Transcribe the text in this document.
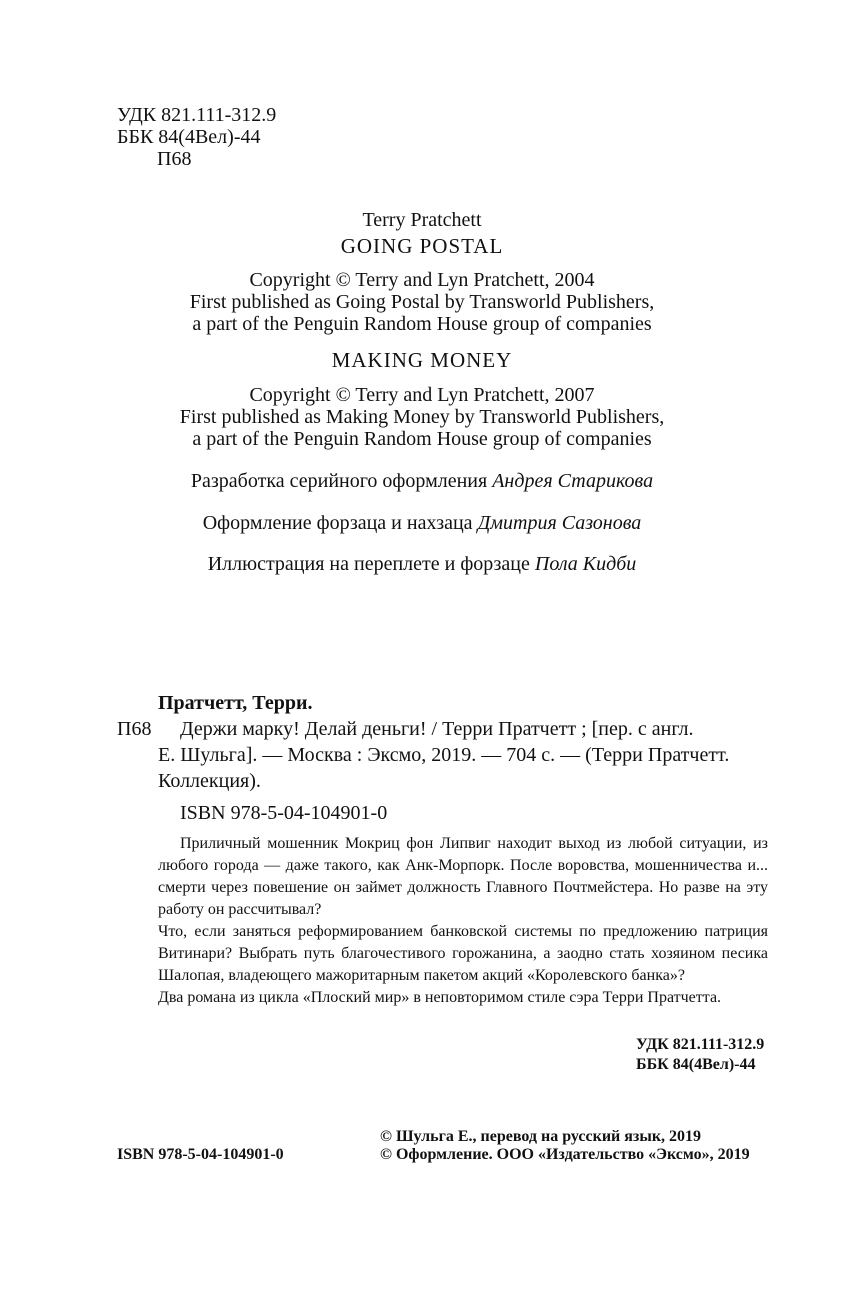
УДК 821.111-312.9
ББК 84(4Вел)-44
П68
Terry Pratchett
GOING POSTAL
Copyright © Terry and Lyn Pratchett, 2004
First published as Going Postal by Transworld Publishers,
a part of the Penguin Random House group of companies
MAKING MONEY
Copyright © Terry and Lyn Pratchett, 2007
First published as Making Money by Transworld Publishers,
a part of the Penguin Random House group of companies
Разработка серийного оформления Андрея Старикова
Оформление форзаца и нахзаца Дмитрия Сазонова
Иллюстрация на переплете и форзаце Пола Кидби
Пратчетт, Терри.
П68 Держи марку! Делай деньги! / Терри Пратчетт ; [пер. с англ.
Е. Шульга]. — Москва : Эксмо, 2019. — 704 с. — (Терри Пратчетт.
Коллекция).
ISBN 978-5-04-104901-0

Приличный мошенник Мокриц фон Липвиг находит выход из любой ситуации, из любого города — даже такого, как Анк-Морпорк. После воровства, мошенничества и... смерти через повешение он займет должность Главного Почтмейстера. Но разве на эту работу он рассчитывал?

Что, если заняться реформированием банковской системы по предложению патриция Витинари? Выбрать путь благочестивого горожанина, а заодно стать хозяином песика Шалопая, владеющего мажоритарным пакетом акций «Королевского банка»?

Два романа из цикла «Плоский мир» в неповторимом стиле сэра Терри Пратчетта.

УДК 821.111-312.9
ББК 84(4Вел)-44
© Шульга Е., перевод на русский язык, 2019
ISBN 978-5-04-104901-0	© Оформление. ООО «Издательство «Эксмо», 2019
